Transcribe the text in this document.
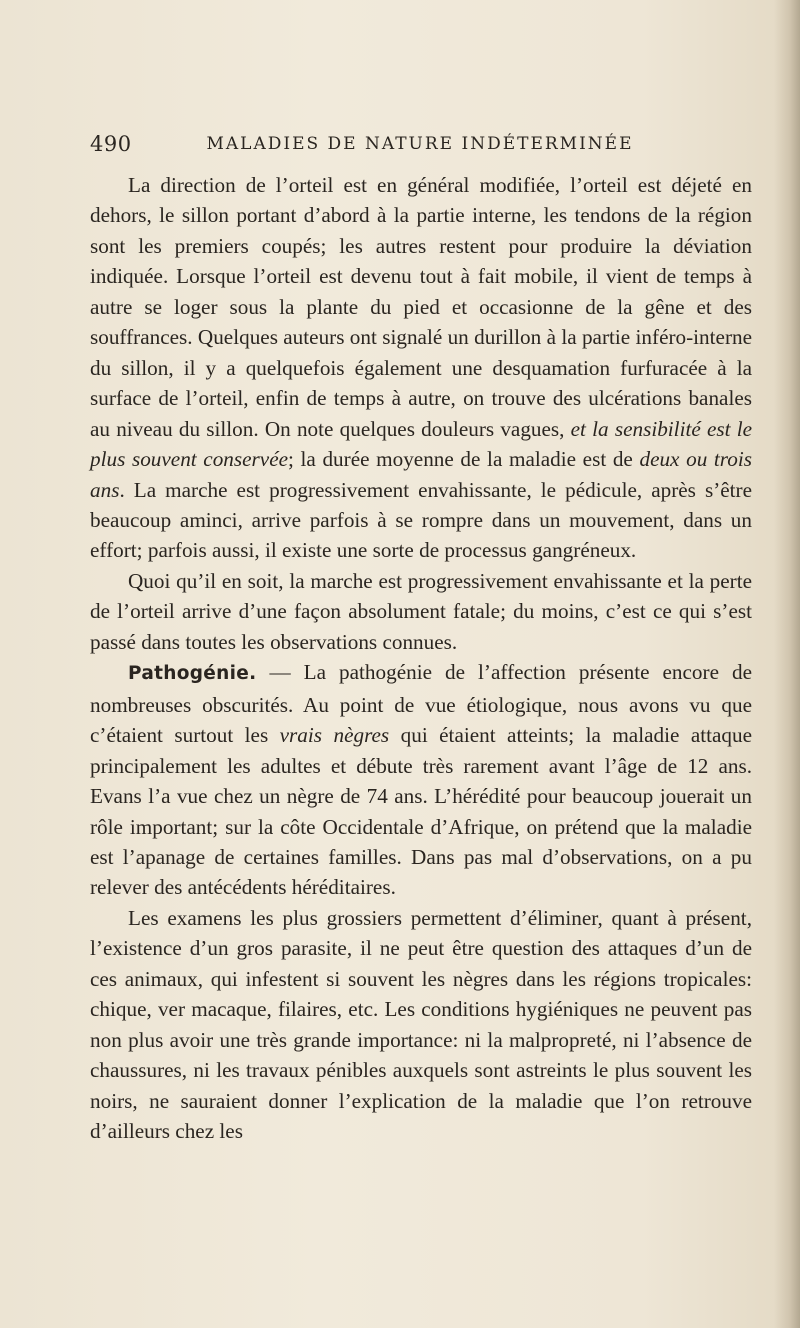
490	MALADIES DE NATURE INDÉTERMINÉE

La direction de l’orteil est en général modifiée, l’orteil est déjeté en dehors, le sillon portant d’abord à la partie interne, les tendons de la région sont les premiers coupés; les autres restent pour produire la déviation indiquée. Lorsque l’orteil est devenu tout à fait mobile, il vient de temps à autre se loger sous la plante du pied et occasionne de la gêne et des souffrances. Quelques auteurs ont signalé un durillon à la partie inféro-interne du sillon, il y a quelquefois également une desquamation furfuracée à la surface de l’orteil, enfin de temps à autre, on trouve des ulcérations banales au niveau du sillon. On note quelques douleurs vagues, et la sensibilité est le plus souvent conservée; la durée moyenne de la maladie est de deux ou trois ans. La marche est progressivement envahissante, le pédicule, après s’être beaucoup aminci, arrive parfois à se rompre dans un mouvement, dans un effort; parfois aussi, il existe une sorte de processus gangréneux.

Quoi qu’il en soit, la marche est progressivement envahissante et la perte de l’orteil arrive d’une façon absolument fatale; du moins, c’est ce qui s’est passé dans toutes les observations connues.

Pathogénie. — La pathogénie de l’affection présente encore de nombreuses obscurités. Au point de vue étiologique, nous avons vu que c’étaient surtout les vrais nègres qui étaient atteints; la maladie attaque principalement les adultes et débute très rarement avant l’âge de 12 ans. Evans l’a vue chez un nègre de 74 ans. L’hérédité pour beaucoup jouerait un rôle important; sur la côte Occidentale d’Afrique, on prétend que la maladie est l’apanage de certaines familles. Dans pas mal d’observations, on a pu relever des antécédents héréditaires.

Les examens les plus grossiers permettent d’éliminer, quant à présent, l’existence d’un gros parasite, il ne peut être question des attaques d’un de ces animaux, qui infestent si souvent les nègres dans les régions tropicales: chique, ver macaque, filaires, etc. Les conditions hygiéniques ne peuvent pas non plus avoir une très grande importance: ni la malpropreté, ni l’absence de chaussures, ni les travaux pénibles auxquels sont astreints le plus souvent les noirs, ne sauraient donner l’explication de la maladie que l’on retrouve d’ailleurs chez les
